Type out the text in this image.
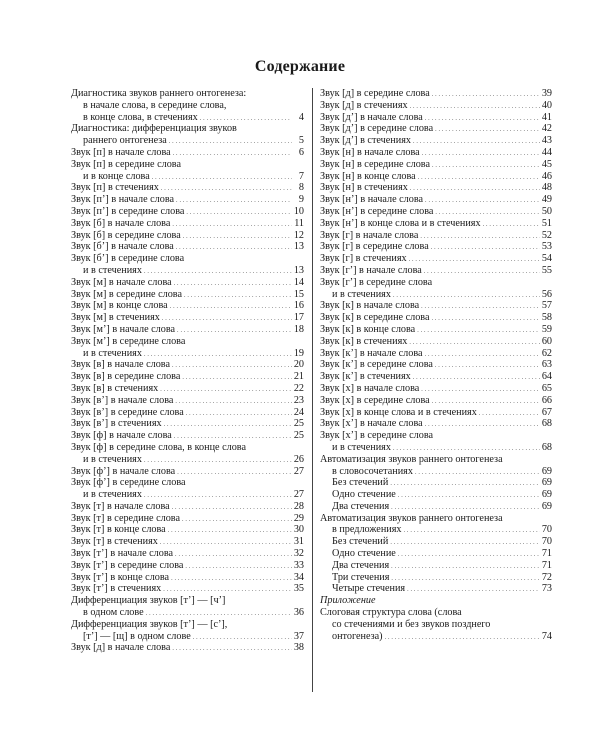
Содержание
Диагностика звуков раннего онтогенеза:
в начале слова, в середине слова,
в конце слова, в стечениях . . .	4
Диагностика: дифференциация звуков
раннего онтогенеза . . .	5
Звук [п] в начале слова . . .	6
Звук [п] в середине слова
и в конце слова . . .	7
Звук [п] в стечениях . . .	8
Звук [п’] в начале слова . . .	9
Звук [п’] в середине слова . . .	10
Звук [б] в начале слова . . .	11
Звук [б] в середине слова . . .	12
Звук [б’] в начале слова . . .	13
Звук [б’] в середине слова
и в стечениях . . .	13
Звук [м] в начале слова . . .	14
Звук [м] в середине слова . . .	15
Звук [м] в конце слова . . .	16
Звук [м] в стечениях . . .	17
Звук [м’] в начале слова . . .	18
Звук [м’] в середине слова
и в стечениях . . .	19
Звук [в] в начале слова . . .	20
Звук [в] в середине слова . . .	21
Звук [в] в стечениях . . .	22
Звук [в’] в начале слова . . .	23
Звук [в’] в середине слова . . .	24
Звук [в’] в стечениях . . .	25
Звук [ф] в начале слова . . .	25
Звук [ф] в середине слова, в конце слова
и в стечениях . . .	26
Звук [ф’] в начале слова . . .	27
Звук [ф’] в середине слова
и в стечениях . . .	27
Звук [т] в начале слова . . .	28
Звук [т] в середине слова . . .	29
Звук [т] в конце слова . . .	30
Звук [т] в стечениях . . .	31
Звук [т’] в начале слова . . .	32
Звук [т’] в середине слова . . .	33
Звук [т’] в конце слова . . .	34
Звук [т’] в стечениях . . .	35
Дифференциация звуков [т’] — [ч’]
в одном слове . . .	36
Дифференциация звуков [т’] — [с’],
[т’] — [щ] в одном слове . . .	37
Звук [д] в начале слова . . .	38
Звук [д] в середине слова . . .	39
Звук [д] в стечениях . . .	40
Звук [д’] в начале слова . . .	41
Звук [д’] в середине слова . . .	42
Звук [д’] в стечениях . . .	43
Звук [н] в начале слова . . .	44
Звук [н] в середине слова . . .	45
Звук [н] в конце слова . . .	46
Звук [н] в стечениях . . .	48
Звук [н’] в начале слова . . .	49
Звук [н’] в середине слова . . .	50
Звук [н’] в конце слова и в стечениях . . .	51
Звук [г] в начале слова . . .	52
Звук [г] в середине слова . . .	53
Звук [г] в стечениях . . .	54
Звук [г’] в начале слова . . .	55
Звук [г’] в середине слова
и в стечениях . . .	56
Звук [к] в начале слова . . .	57
Звук [к] в середине слова . . .	58
Звук [к] в конце слова . . .	59
Звук [к] в стечениях . . .	60
Звук [к’] в начале слова . . .	62
Звук [к’] в середине слова . . .	63
Звук [к’] в стечениях . . .	64
Звук [х] в начале слова . . .	65
Звук [х] в середине слова . . .	66
Звук [х] в конце слова и в стечениях . . .	67
Звук [х’] в начале слова . . .	68
Звук [х’] в середине слова
и в стечениях . . .	68
Автоматизация звуков раннего онтогенеза
в словосочетаниях . . .	69
Без стечений . . .	69
Одно стечение . . .	69
Два стечения . . .	69
Автоматизация звуков раннего онтогенеза
в предложениях . . .	70
Без стечений . . .	70
Одно стечение . . .	71
Два стечения . . .	71
Три стечения . . .	72
Четыре стечения . . .	73
Приложение
Слоговая структура слова (слова
со стечениями и без звуков позднего
онтогенеза) . . .	74
